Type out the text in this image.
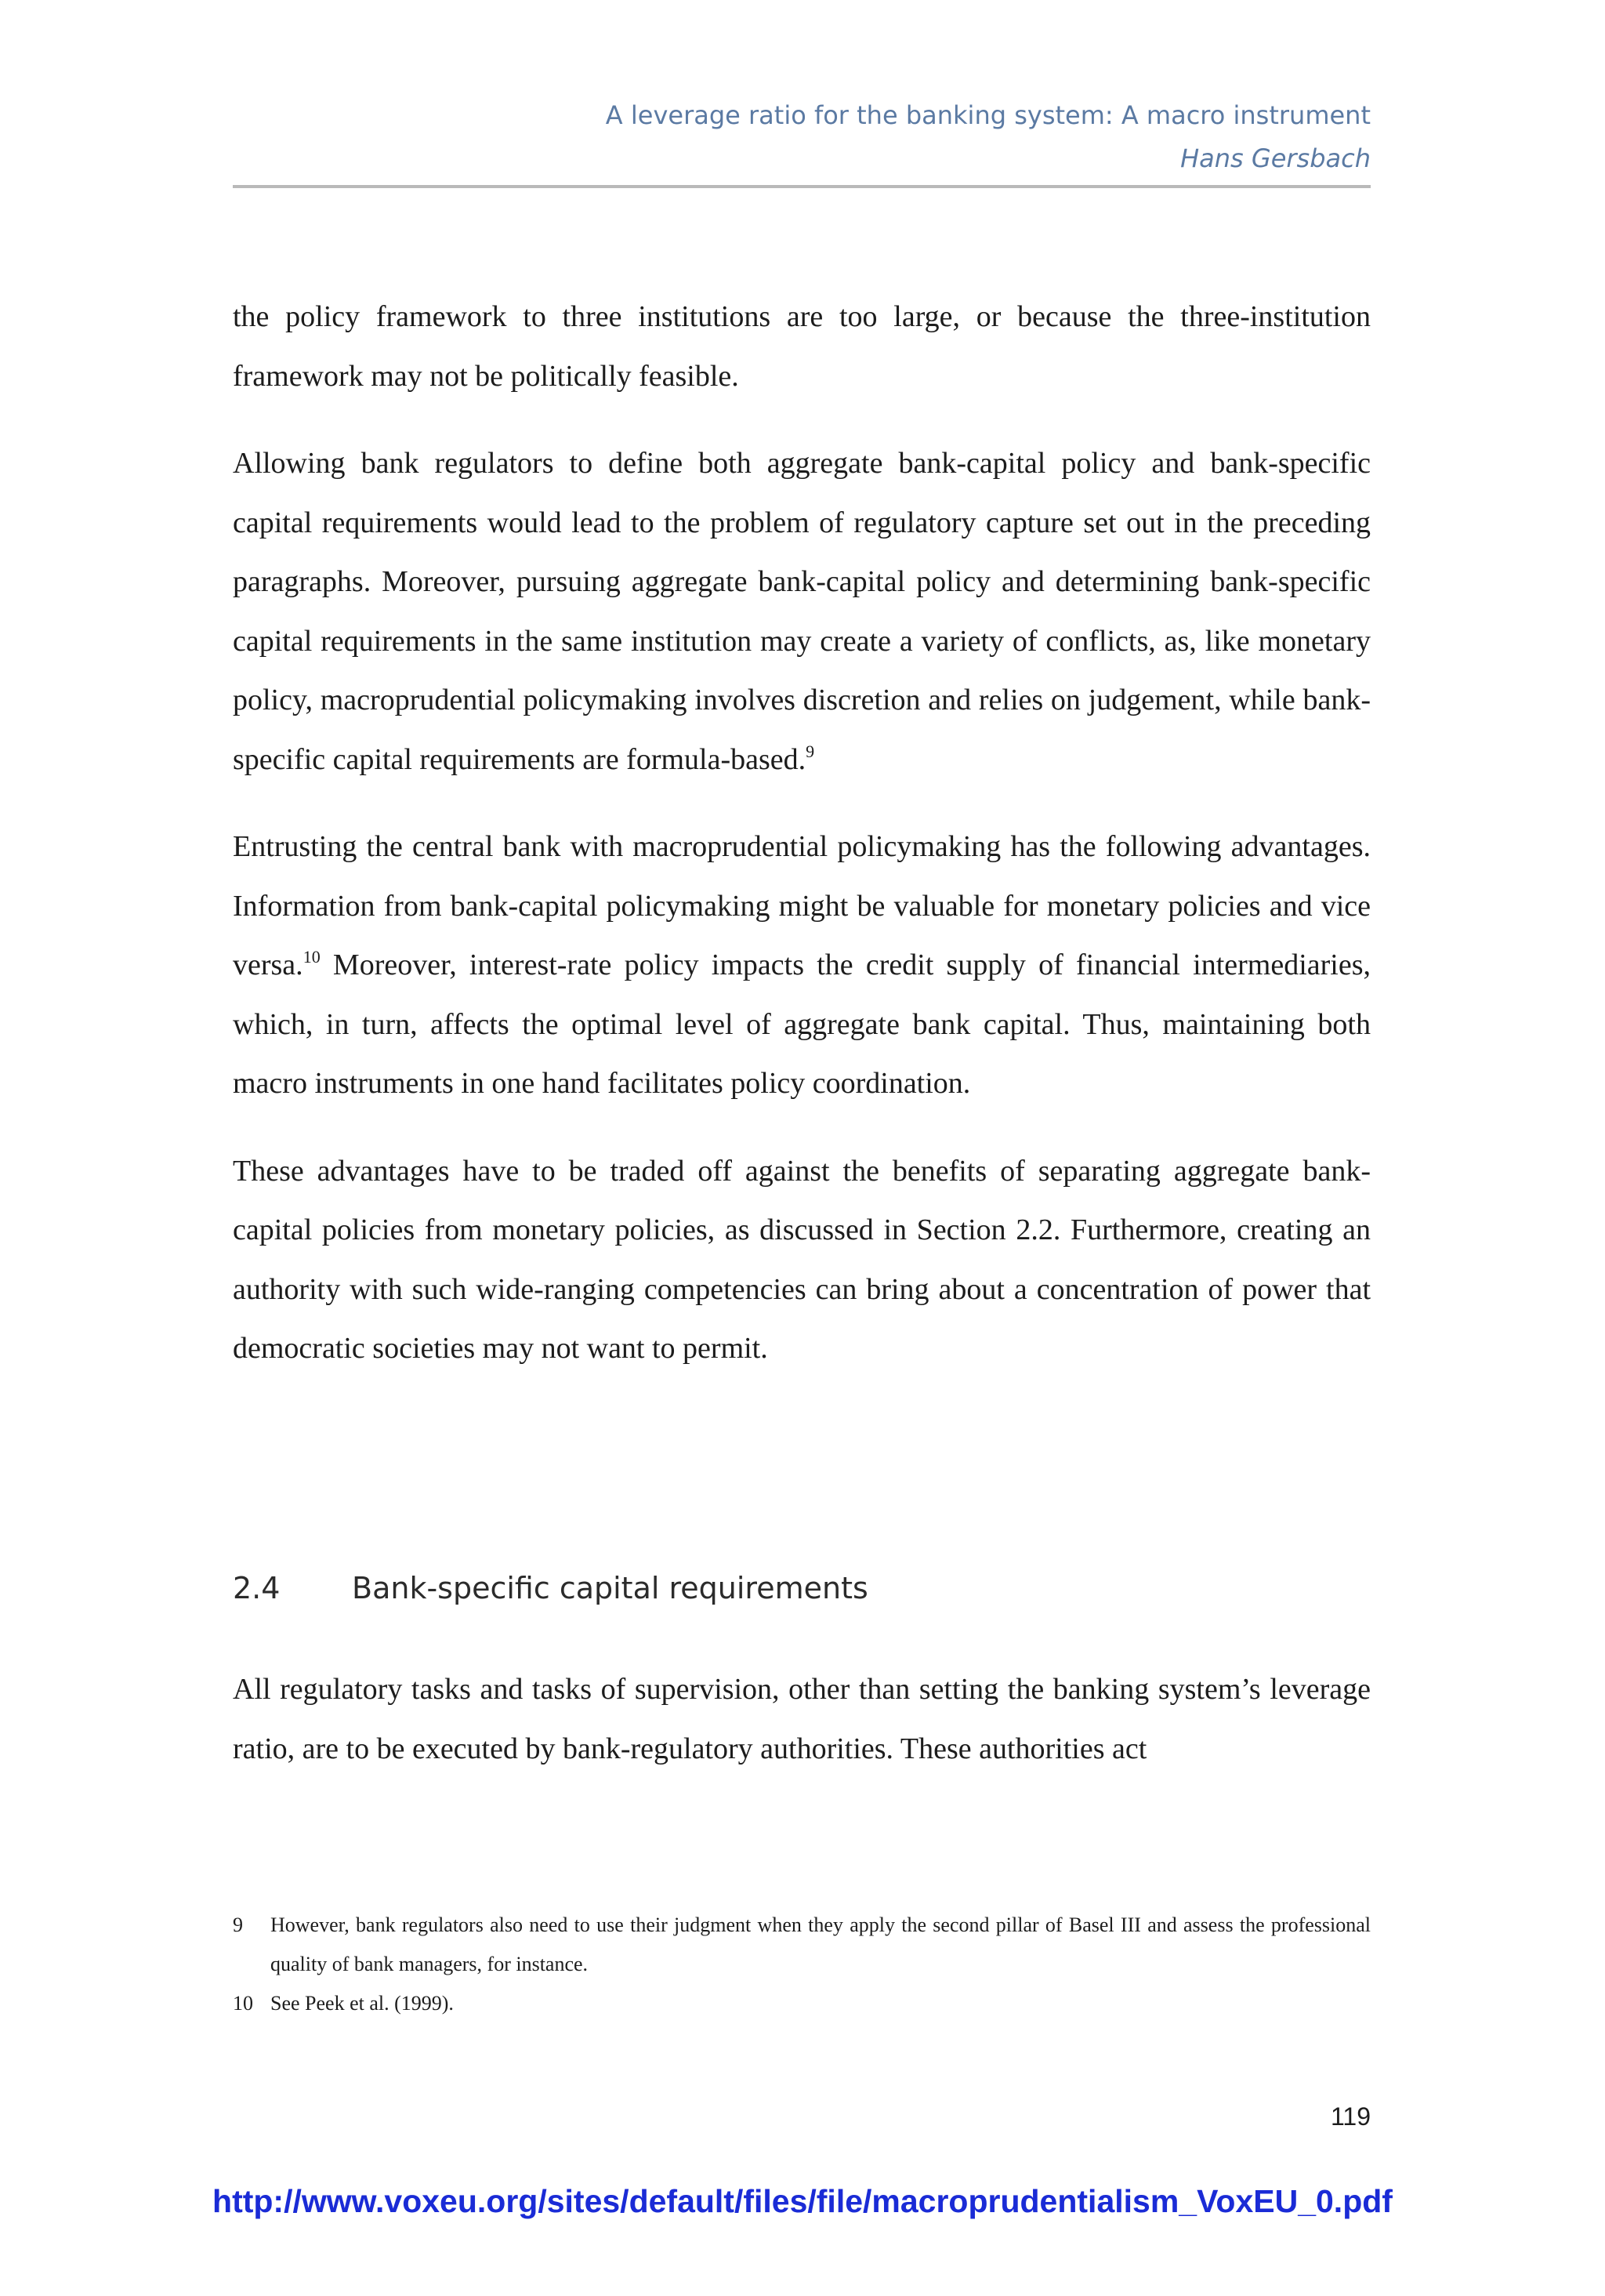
A leverage ratio for the banking system: A macro instrument
Hans Gersbach

the policy framework to three institutions are too large, or because the three-institution framework may not be politically feasible.

Allowing bank regulators to define both aggregate bank-capital policy and bank-specific capital requirements would lead to the problem of regulatory capture set out in the preceding paragraphs. Moreover, pursuing aggregate bank-capital policy and determining bank-specific capital requirements in the same institution may create a variety of conflicts, as, like monetary policy, macroprudential policymaking involves discretion and relies on judgement, while bank-specific capital requirements are formula-based.$^9$

Entrusting the central bank with macroprudential policymaking has the following advantages. Information from bank-capital policymaking might be valuable for monetary policies and vice versa.$^{10}$ Moreover, interest-rate policy impacts the credit supply of financial intermediaries, which, in turn, affects the optimal level of aggregate bank capital. Thus, maintaining both macro instruments in one hand facilitates policy coordination.

These advantages have to be traded off against the benefits of separating aggregate bank-capital policies from monetary policies, as discussed in Section 2.2. Furthermore, creating an authority with such wide-ranging competencies can bring about a concentration of power that democratic societies may not want to permit.

2.4 Bank-specific capital requirements

All regulatory tasks and tasks of supervision, other than setting the banking system’s leverage ratio, are to be executed by bank-regulatory authorities. These authorities act

9	However, bank regulators also need to use their judgment when they apply the second pillar of Basel III and assess the professional quality of bank managers, for instance.
10 See Peek et al. (1999).
119
http://www.voxeu.org/sites/default/files/file/macroprudentialism_VoxEU_0.pdf
